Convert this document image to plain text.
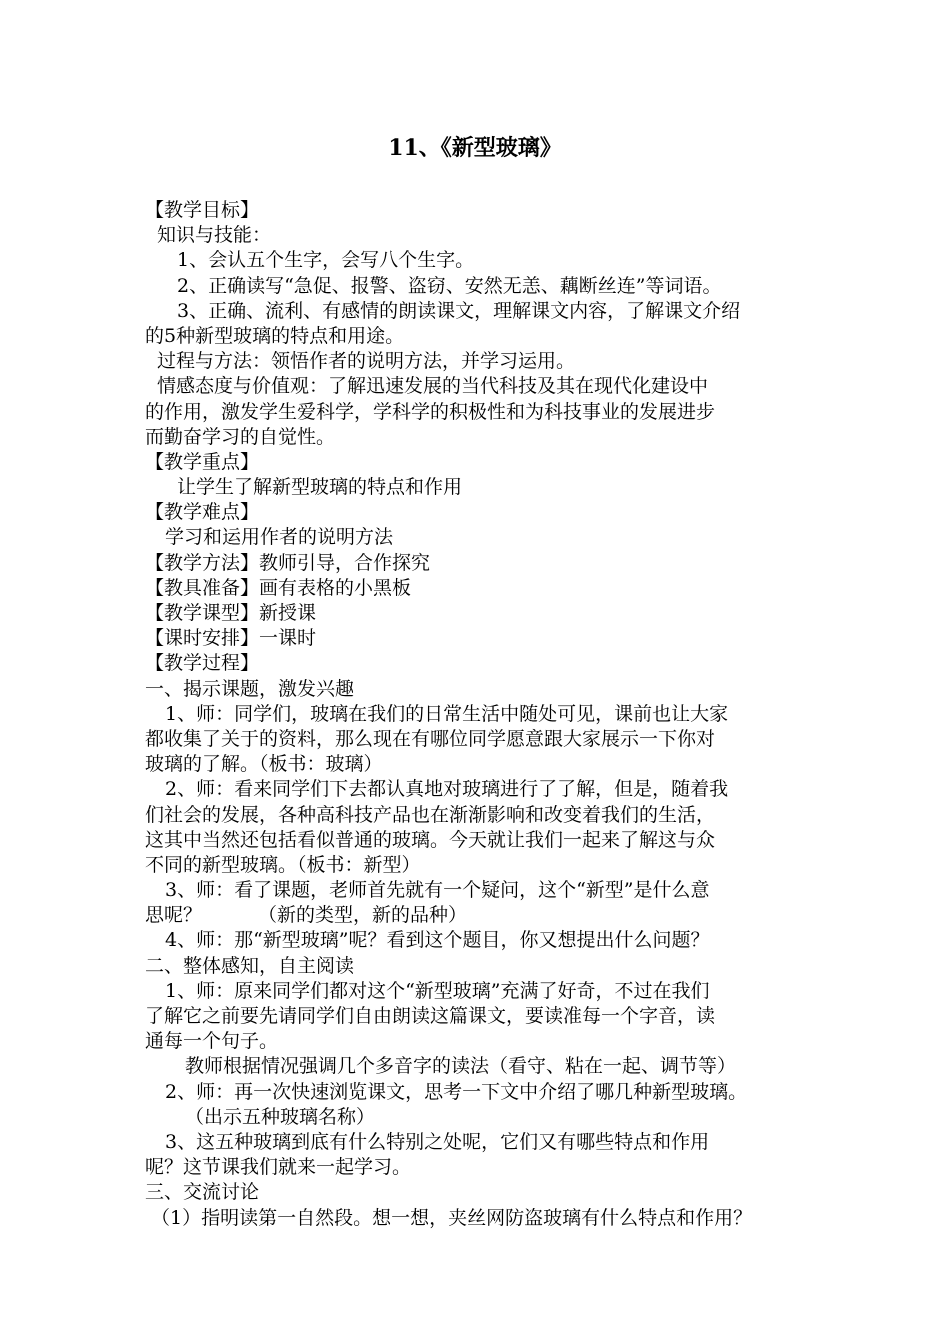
11、《新型玻璃》
【教学目标】
知识与技能：
1、会认五个生字，会写八个生字。
2、正确读写“急促、报警、盗窃、安然无恙、藕断丝连”等词语。
3、正确、流利、有感情的朗读课文，理解课文内容，了解课文介绍
的5种新型玻璃的特点和用途。
过程与方法：领悟作者的说明方法，并学习运用。
情感态度与价值观：了解迅速发展的当代科技及其在现代化建设中
的作用，激发学生爱科学，学科学的积极性和为科技事业的发展进步
而勤奋学习的自觉性。
【教学重点】
让学生了解新型玻璃的特点和作用
【教学难点】
学习和运用作者的说明方法
【教学方法】教师引导，合作探究
【教具准备】画有表格的小黑板
【教学课型】新授课
【课时安排】一课时
【教学过程】
一、揭示课题，激发兴趣
1、师：同学们，玻璃在我们的日常生活中随处可见，课前也让大家
都收集了关于的资料，那么现在有哪位同学愿意跟大家展示一下你对
玻璃的了解。（板书：玻璃）
2、师：看来同学们下去都认真地对玻璃进行了了解，但是，随着我
们社会的发展，各种高科技产品也在渐渐影响和改变着我们的生活，
这其中当然还包括看似普通的玻璃。今天就让我们一起来了解这与众
不同的新型玻璃。（板书：新型）
3、师：看了课题，老师首先就有一个疑问，这个“新型”是什么意
思呢？	（新的类型，新的品种）
4、师：那“新型玻璃”呢？看到这个题目，你又想提出什么问题？
二、整体感知，自主阅读
1、师：原来同学们都对这个“新型玻璃”充满了好奇，不过在我们
了解它之前要先请同学们自由朗读这篇课文，要读准每一个字音，读
通每一个句子。
教师根据情况强调几个多音字的读法（看守、粘在一起、调节等）
2、师：再一次快速浏览课文，思考一下文中介绍了哪几种新型玻璃。
（出示五种玻璃名称）
3、这五种玻璃到底有什么特别之处呢，它们又有哪些特点和作用
呢？这节课我们就来一起学习。
三、交流讨论
（1）指明读第一自然段。想一想，夹丝网防盗玻璃有什么特点和作用？
